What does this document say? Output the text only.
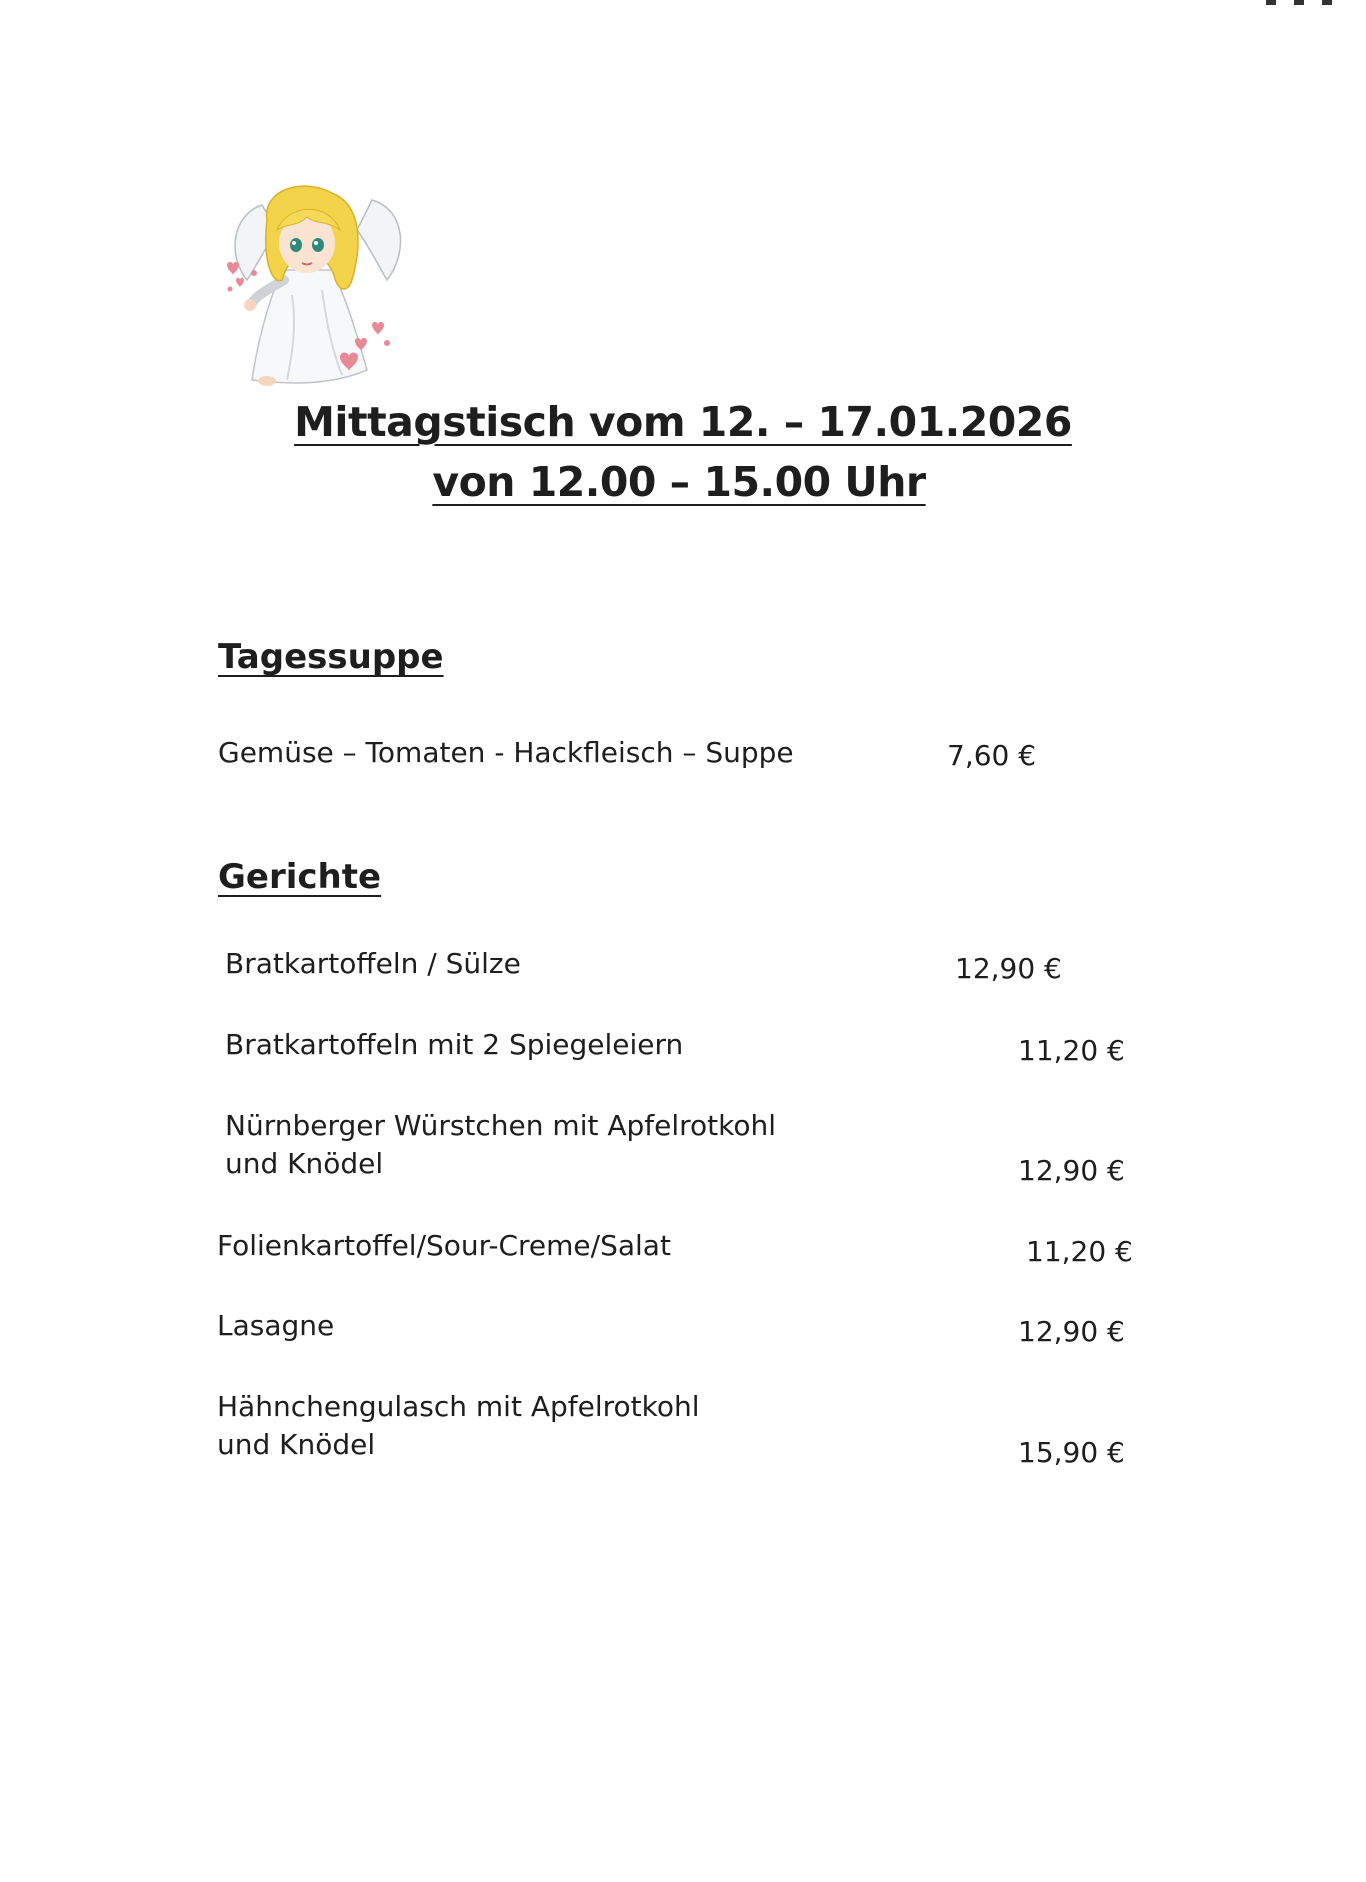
Mittagstisch vom 12. – 17.01.2026
von 12.00 – 15.00 Uhr
Tagessuppe
Gemüse – Tomaten - Hackfleisch – Suppe	7,60 €
Gerichte
Bratkartoffeln / Sülze	12,90 €
Bratkartoffeln mit 2 Spiegeleiern	11,20 €
Nürnberger Würstchen mit Apfelrotkohl
und Knödel	12,90 €
Folienkartoffel/Sour-Creme/Salat	11,20 €
Lasagne	12,90 €
Hähnchengulasch mit Apfelrotkohl
und Knödel	15,90 €
